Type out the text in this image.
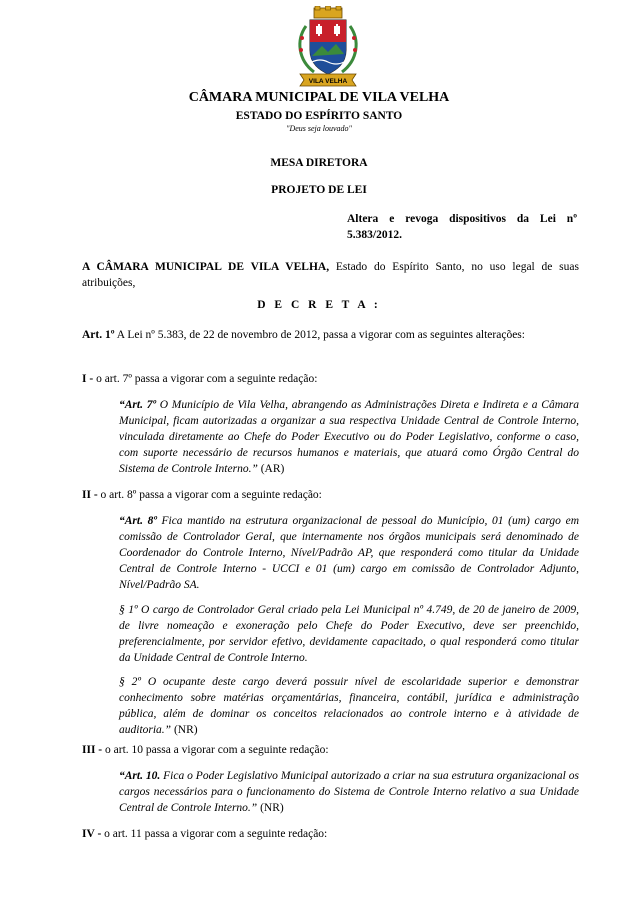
VILA VELHA
CÂMARA MUNICIPAL DE VILA VELHA
ESTADO DO ESPÍRITO SANTO
"Deus seja louvado"
MESA DIRETORA
PROJETO DE LEI
Altera e revoga dispositivos da Lei nº 5.383/2012.
A CÂMARA MUNICIPAL DE VILA VELHA, Estado do Espírito Santo, no uso legal de suas atribuições,
D E C R E T A :
Art. 1º A Lei nº 5.383, de 22 de novembro de 2012, passa a vigorar com as seguintes alterações:
I - o art. 7º passa a vigorar com a seguinte redação:
“Art. 7º O Município de Vila Velha, abrangendo as Administrações Direta e Indireta e a Câmara Municipal, ficam autorizadas a organizar a sua respectiva Unidade Central de Controle Interno, vinculada diretamente ao Chefe do Poder Executivo ou do Poder Legislativo, conforme o caso, com suporte necessário de recursos humanos e materiais, que atuará como Órgão Central do Sistema de Controle Interno.” (AR)
II - o art. 8º passa a vigorar com a seguinte redação:
“Art. 8º Fica mantido na estrutura organizacional de pessoal do Município, 01 (um) cargo em comissão de Controlador Geral, que internamente nos órgãos municipais será denominado de Coordenador do Controle Interno, Nível/Padrão AP, que responderá como titular da Unidade Central de Controle Interno - UCCI e 01 (um) cargo em comissão de Controlador Adjunto, Nível/Padrão SA.
§ 1º O cargo de Controlador Geral criado pela Lei Municipal nº 4.749, de 20 de janeiro de 2009, de livre nomeação e exoneração pelo Chefe do Poder Executivo, deve ser preenchido, preferencialmente, por servidor efetivo, devidamente capacitado, o qual responderá como titular da Unidade Central de Controle Interno.
§ 2º O ocupante deste cargo deverá possuir nível de escolaridade superior e demonstrar conhecimento sobre matérias orçamentárias, financeira, contábil, jurídica e administração pública, além de dominar os conceitos relacionados ao controle interno e à atividade de auditoria.” (NR)
III - o art. 10 passa a vigorar com a seguinte redação:
“Art. 10. Fica o Poder Legislativo Municipal autorizado a criar na sua estrutura organizacional os cargos necessários para o funcionamento do Sistema de Controle Interno relativo a sua Unidade Central de Controle Interno.” (NR)
IV - o art. 11 passa a vigorar com a seguinte redação:
